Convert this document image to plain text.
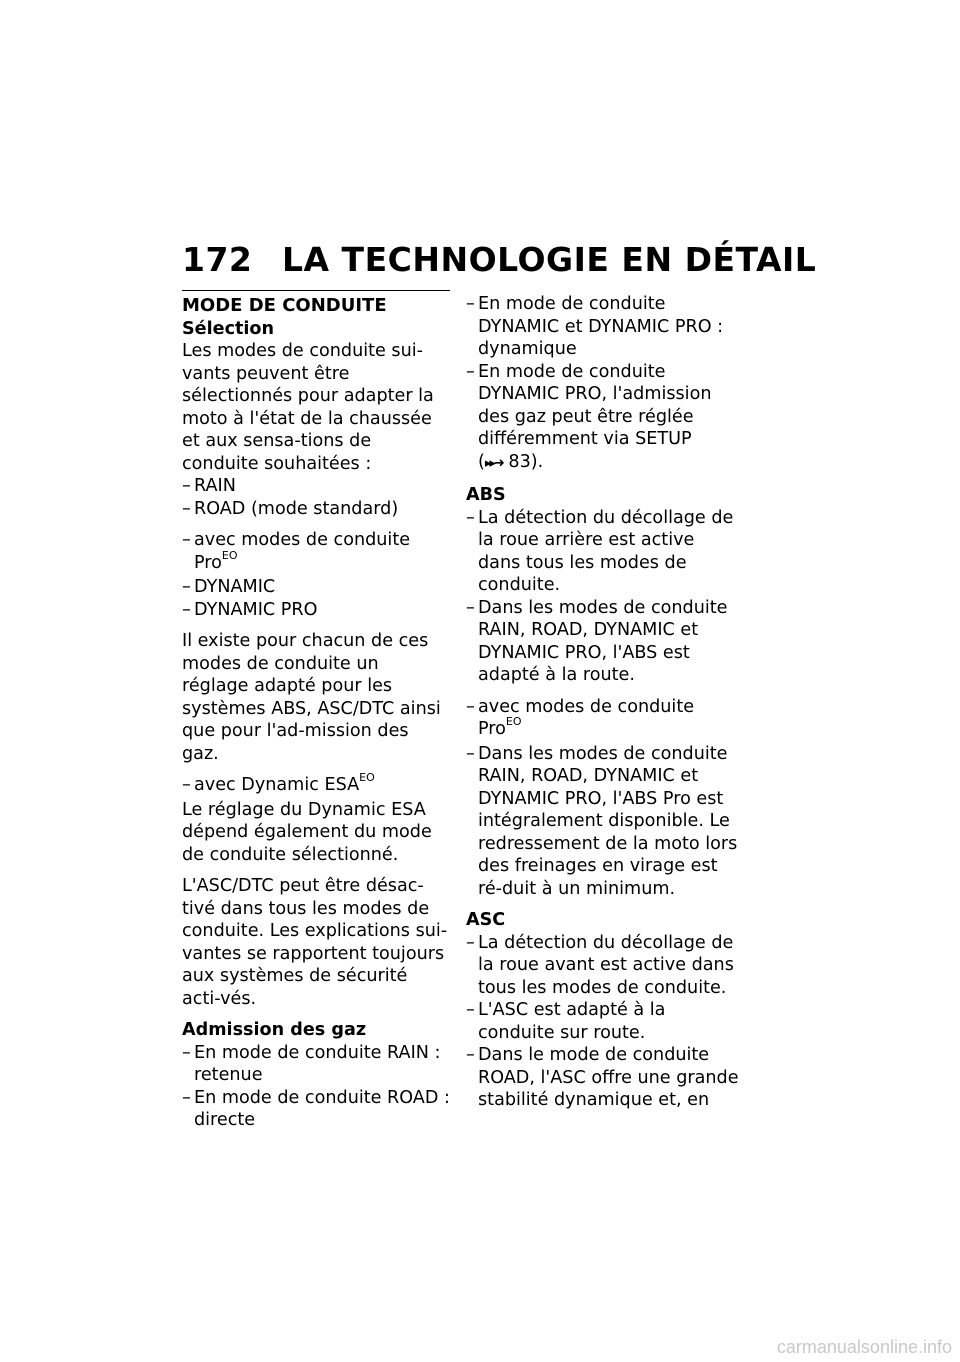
172 LA TECHNOLOGIE EN DÉTAIL
MODE DE CONDUITE
Sélection

Les modes de conduite sui-vants peuvent être sélectionnés pour adapter la moto à l'état de la chaussée et aux sensa-tions de conduite souhaitées :

– RAIN
– ROAD (mode standard)
– avec modes de conduite Pro$^{EO}$
– DYNAMIC
– DYNAMIC PRO

Il existe pour chacun de ces modes de conduite un réglage adapté pour les systèmes ABS, ASC/DTC ainsi que pour l'ad-mission des gaz.

– avec Dynamic $ESA^{EO}$

Le réglage du Dynamic ESA dépend également du mode de conduite sélectionné.

L'ASC/DTC peut être désac-tivé dans tous les modes de conduite. Les explications sui-vantes se rapportent toujours aux systèmes de sécurité acti-vés.

Admission des gaz
– En mode de conduite RAIN : retenue
– En mode de conduite ROAD : directe
– En mode de conduite DYNAMIC et DYNAMIC PRO : dynamique
– En mode de conduite DYNAMIC PRO, l'admission des gaz peut être réglée différemment via SETUP
(▸▸➜ 83).
ABS
– La détection du décollage de la roue arrière est active dans tous les modes de conduite.
– Dans les modes de conduite RAIN, ROAD, DYNAMIC et DYNAMIC PRO, l'ABS est adapté à la route.
– avec modes de conduite Pro$^{EO}$
– Dans les modes de conduite RAIN, ROAD, DYNAMIC et DYNAMIC PRO, l'ABS Pro est intégralement disponible. Le redressement de la moto lors des freinages en virage est ré-duit à un minimum.
ASC
– La détection du décollage de la roue avant est active dans tous les modes de conduite.
– L'ASC est adapté à la conduite sur route.
– Dans le mode de conduite ROAD, l'ASC offre une grande stabilité dynamique et, en
carmanualsonline.info
